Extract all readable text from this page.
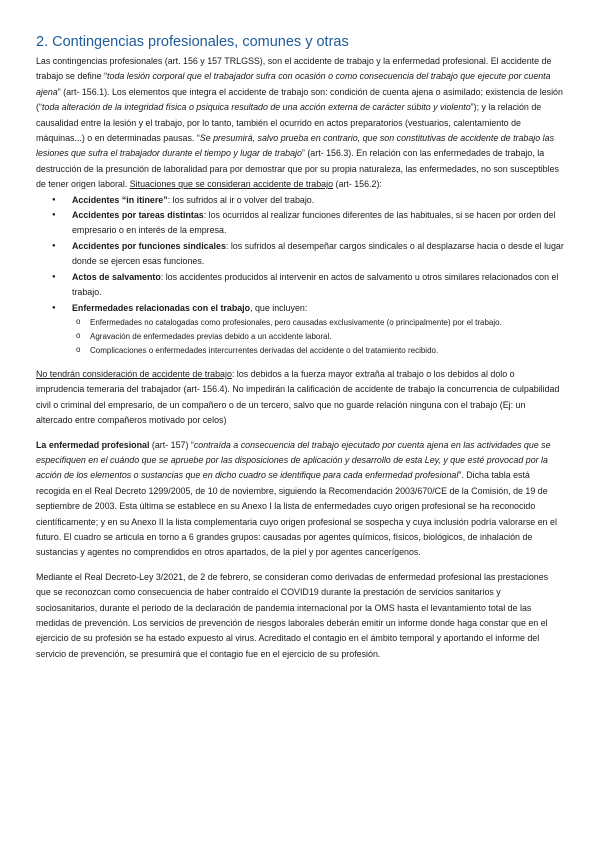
2. Contingencias profesionales, comunes y otras

Las contingencias profesionales (art. 156 y 157 TRLGSS), son el accidente de trabajo y la enfermedad profesional. El accidente de trabajo se define “toda lesión corporal que el trabajador sufra con ocasión o como consecuencia del trabajo que ejecute por cuenta ajena” (art- 156.1). Los elementos que integra el accidente de trabajo son: condición de cuenta ajena o asimilado; existencia de lesión (“toda alteración de la integridad física o psiquica resultado de una acción externa de carácter súbito y violento”); y la relación de causalidad entre la lesión y el trabajo, por lo tanto, también el ocurrido en actos preparatorios (vestuarios, calentamiento de máquinas...) o en determinadas pausas. “Se presumirá, salvo prueba en contrario, que son constitutivas de accidente de trabajo las lesiones que sufra el trabajador durante el tiempo y lugar de trabajo” (art- 156.3). En relación con las enfermedades de trabajo, la destrucción de la presunción de laboralidad para por demostrar que por su propia naturaleza, las enfermedades, no son susceptibles de tener origen laboral. Situaciones que se consideran accidente de trabajo (art- 156.2):

● Accidentes “in itinere”: los sufridos al ir o volver del trabajo.
● Accidentes por tareas distintas: los ocurridos al realizar funciones diferentes de las habituales, si se hacen por orden del empresario o en interés de la empresa.
● Accidentes por funciones sindicales: los sufridos al desempeñar cargos sindicales o al desplazarse hacia o desde el lugar donde se ejercen esas funciones.
● Actos de salvamento: los accidentes producidos al intervenir en actos de salvamento u otros similares relacionados con el trabajo.
● Enfermedades relacionadas con el trabajo, que incluyen:
o Enfermedades no catalogadas como profesionales, pero causadas exclusivamente (o principalmente) por el trabajo.
o Agravación de enfermedades previas debido a un accidente laboral.
o Complicaciones o enfermedades intercurrentes derivadas del accidente o del tratamiento recibido.

No tendrán consideración de accidente de trabajo: los debidos a la fuerza mayor extraña al trabajo o los debidos al dolo o imprudencia temeraria del trabajador (art- 156.4). No impedirán la calificación de accidente de trabajo la concurrencia de culpabilidad civil o criminal del empresario, de un compañero o de un tercero, salvo que no guarde relación ninguna con el trabajo (Ej: un altercado entre compañeros motivado por celos)

La enfermedad profesional (art- 157) “contraída a consecuencia del trabajo ejecutado por cuenta ajena en las actividades que se especifiquen en el cuándo que se apruebe por las disposiciones de aplicación y desarrollo de esta Ley, y que esté provocad por la acción de los elementos o sustancias que en dicho cuadro se identifique para cada enfermedad profesional”. Dicha tabla está recogida en el Real Decreto 1299/2005, de 10 de noviembre, siguiendo la Recomendación 2003/670/CE de la Comisión, de 19 de septiembre de 2003. Esta última se establece en su Anexo I la lista de enfermedades cuyo origen profesional se ha reconocido científicamente; y en su Anexo II la lista complementaria cuyo origen profesional se sospecha y cuya inclusión podría valorarse en el futuro. El cuadro se articula en torno a 6 grandes grupos: causadas por agentes químicos, físicos, biológicos, de inhalación de sustancias y agentes no comprendidos en otros apartados, de la piel y por agentes cancerígenos.

Mediante el Real Decreto-Ley 3/2021, de 2 de febrero, se consideran como derivadas de enfermedad profesional las prestaciones que se reconozcan como consecuencia de haber contraído el COVID19 durante la prestación de servicios sanitarios y sociosanitarios, durante el periodo de la declaración de pandemia internacional por la OMS hasta el levantamiento total de las medidas de prevención. Los servicios de prevención de riesgos laborales deberán emitir un informe donde haga constar que en el ejercicio de su profesión se ha estado expuesto al virus. Acreditado el contagio en el ámbito temporal y aportando el informe del servicio de prevención, se presumirá que el contagio fue en el ejercicio de su profesión.
